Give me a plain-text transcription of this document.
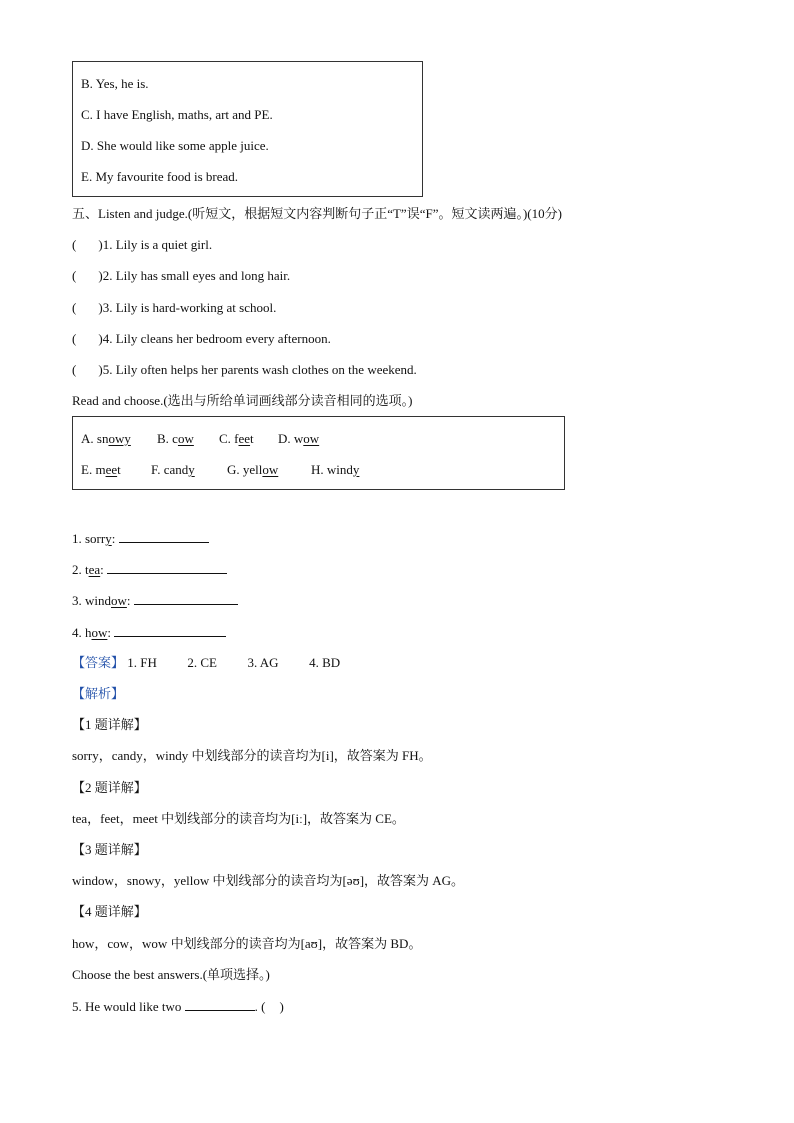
B. Yes, he is.
C. I have English, maths, art and PE.
D. She would like some apple juice.
E. My favourite food is bread.
五、Listen and judge.(听短文，根据短文内容判断句子正“T”误“F”。短文读两遍。)(10分)
( )1. Lily is a quiet girl.
( )2. Lily has small eyes and long hair.
( )3. Lily is hard-working at school.
( )4. Lily cleans her bedroom every afternoon.
( )5. Lily often helps her parents wash clothes on the weekend.
Read and choose.(选出与所给单词画线部分读音相同的选项。)
A. snowy B. cow C. feet D. wow
E. meet F. candy G. yellow	H. windy
1. sorry:
2. tea:
3. window:
4. how:
【答案】 1. FH 2. CE 3. AG 4. BD
【解析】
【1 题详解】
sorry，candy，windy 中划线部分的读音均为[i]，故答案为 FH。
【2 题详解】
tea，feet，meet 中划线部分的读音均为[iː]，故答案为 CE。
【3 题详解】
window，snowy，yellow 中划线部分的读音均为[əʊ]，故答案为 AG。
【4 题详解】
how，cow，wow 中划线部分的读音均为[aʊ]，故答案为 BD。
Choose the best answers.(单项选择。)
5. He would like two	. ( )
